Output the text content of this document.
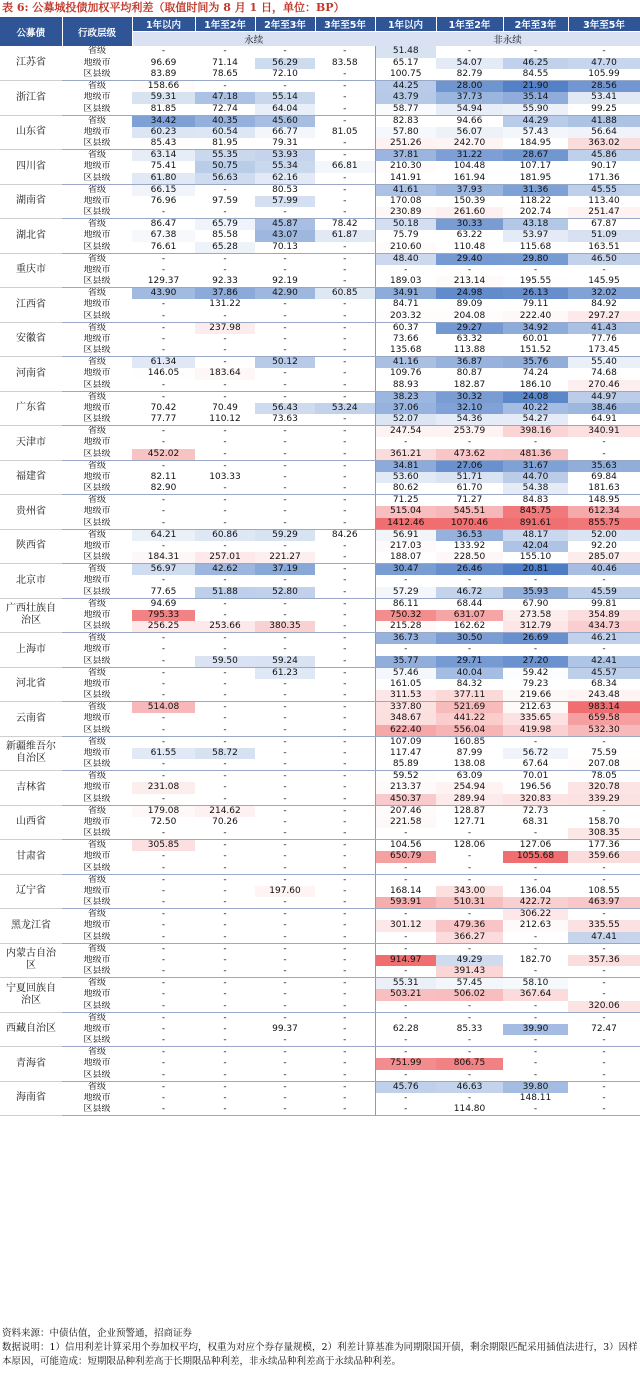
表 6: 公募城投债加权平均利差（取值时间为 8 月 1 日，单位：BP）
公募债	行政层级	1年以内	1年至2年	2年至3年	3年至5年	1年以内	1年至2年	2年至3年	3年至5年
		永续				非永续			
江苏省	省级	-	-	-	-	51.48	-	-	-
	地级市	96.69	71.14	56.29	83.58	65.17	54.07	46.25	47.70
	区县级	83.89	78.65	72.10	-	100.75	82.79	84.55	105.99
浙江省	省级	158.66	-	-	-	44.25	28.00	21.90	28.56
	地级市	59.31	47.18	55.14	-	43.79	37.73	35.14	53.41
	区县级	81.85	72.74	64.04	-	58.77	54.94	55.90	99.25
山东省	省级	34.42	40.35	45.60	-	82.83	94.66	44.29	41.88
	地级市	60.23	60.54	66.77	81.05	57.80	56.07	57.43	56.64
	区县级	85.43	81.95	79.31	-	251.26	242.70	184.95	363.02
四川省	省级	63.14	55.35	53.93	-	37.81	31.22	28.67	45.86
	地级市	75.41	50.75	55.34	66.81	210.30	104.48	107.17	90.17
	区县级	61.80	56.63	62.16	-	141.91	161.94	181.95	171.36
湖南省	省级	66.15	-	80.53	-	41.61	37.93	31.36	45.55
	地级市	76.96	97.59	57.99	-	170.08	150.39	118.22	113.40
	区县级	-	-	-	-	230.89	261.60	202.74	251.47
湖北省	省级	86.47	65.79	45.87	78.42	50.18	30.33	43.18	67.87
	地级市	67.38	85.58	43.07	61.87	75.79	63.22	53.97	51.09
	区县级	76.61	65.28	70.13	-	210.60	110.48	115.68	163.51
重庆市	省级	-	-	-	-	48.40	29.40	29.80	46.50
	地级市	-	-	-	-	-	-	-	-
	区县级	129.37	92.33	92.19	-	189.03	213.14	195.55	145.95
江西省	省级	43.90	37.86	42.90	60.85	34.91	24.98	26.13	32.02
	地级市	-	131.22	-	-	84.71	89.09	79.11	84.92
	区县级	-	-	-	-	203.32	204.08	222.40	297.27
安徽省	省级	-	237.98	-	-	60.37	29.27	34.92	41.43
	地级市	-	-	-	-	73.66	63.32	60.01	77.76
	区县级	-	-	-	-	135.68	113.88	151.52	173.45
河南省	省级	61.34	-	50.12	-	41.16	36.87	35.76	55.40
	地级市	146.05	183.64	-	-	109.76	80.87	74.24	74.68
	区县级	-	-	-	-	88.93	182.87	186.10	270.46
广东省	省级	-	-	-	-	38.23	30.32	24.08	44.97
	地级市	70.42	70.49	56.43	53.24	37.06	32.10	40.22	38.46
	区县级	77.77	110.12	73.63	-	52.07	54.36	54.27	64.91
天津市	省级	-	-	-	-	247.54	253.79	398.16	340.91
	地级市	-	-	-	-	-	-	-	-
	区县级	452.02	-	-	-	361.21	473.62	481.36	-
福建省	省级	-	-	-	-	34.81	27.06	31.67	35.63
	地级市	82.11	103.33	-	-	53.60	51.71	44.70	69.84
	区县级	82.90	-	-	-	80.62	61.70	54.38	181.63
贵州省	省级	-	-	-	-	71.25	71.27	84.83	148.95
	地级市	-	-	-	-	515.04	545.51	845.75	612.34
	区县级	-	-	-	-	1412.46	1070.46	891.61	855.75
陕西省	省级	64.21	60.86	59.29	84.26	56.91	36.53	48.17	52.00
	地级市	-	-	-	-	217.03	133.92	42.04	92.20
	区县级	184.31	257.01	221.27	-	188.07	228.50	155.10	285.07
北京市	省级	56.97	42.62	37.19	-	30.47	26.46	20.81	40.46
	地级市	-	-	-	-	-	-	-	-
	区县级	77.65	51.88	52.80	-	57.29	46.72	35.93	45.59
广西壮族自治区	省级	94.69	-	-	-	86.11	68.44	67.90	99.81
	地级市	795.33	-	-	-	750.32	631.07	273.58	354.89
	区县级	256.25	253.66	380.35	-	215.28	162.62	312.79	434.73
上海市	省级	-	-	-	-	36.73	30.50	26.69	46.21
	地级市	-	-	-	-	-	-	-	-
	区县级	-	59.50	59.24	-	35.77	29.71	27.20	42.41
河北省	省级	-	-	61.23	-	57.46	40.04	59.42	45.57
	地级市	-	-	-	-	161.05	84.32	79.23	68.34
	区县级	-	-	-	-	311.53	377.11	219.66	243.48
云南省	省级	514.08	-	-	-	337.80	521.69	212.63	983.14
	地级市	-	-	-	-	348.67	441.22	335.65	659.58
	区县级	-	-	-	-	622.40	556.04	419.98	532.30
新疆维吾尔自治区	省级	-	-	-	-	107.09	160.85	-	-
	地级市	61.55	58.72	-	-	117.47	87.99	56.72	75.59
	区县级	-	-	-	-	85.89	138.08	67.64	207.08
吉林省	省级	-	-	-	-	59.52	63.09	70.01	78.05
	地级市	231.08	-	-	-	213.37	254.94	196.56	320.78
	区县级	-	-	-	-	450.37	289.94	320.83	339.29
山西省	省级	179.08	214.62	-	-	207.46	128.87	72.73	-
	地级市	72.50	70.26	-	-	221.58	127.71	68.31	158.70
	区县级	-	-	-	-	-	-	-	308.35
甘肃省	省级	305.85	-	-	-	104.56	128.06	127.06	177.36
	地级市	-	-	-	-	650.79	-	1055.68	359.66
	区县级	-	-	-	-	-	-	-	-
辽宁省	省级	-	-	-	-	-	-	-	-
	地级市	-	-	197.60	-	168.14	343.00	136.04	108.55
	区县级	-	-	-	-	593.91	510.31	422.72	463.97
黑龙江省	省级	-	-	-	-	-	-	306.22	-
	地级市	-	-	-	-	301.12	479.36	212.63	335.55
	区县级	-	-	-	-	-	366.27	-	47.41
内蒙古自治区	省级	-	-	-	-	-	-	-	-
	地级市	-	-	-	-	914.97	49.29	182.70	357.36
	区县级	-	-	-	-	-	391.43	-	-
宁夏回族自治区	省级	-	-	-	-	55.31	57.45	58.10	-
	地级市	-	-	-	-	503.21	506.02	367.64	-
	区县级	-	-	-	-	-	-	-	320.06
西藏自治区	省级	-	-	-	-	-	-	-	-
	地级市	-	-	99.37	-	62.28	85.33	39.90	72.47
	区县级	-	-	-	-	-	-	-	-
青海省	省级	-	-	-	-	-	-	-	-
	地级市	-	-	-	-	751.99	806.75	-	-
	区县级	-	-	-	-	-	-	-	-
海南省	省级	-	-	-	-	45.76	46.63	39.80	-
	地级市	-	-	-	-	-	-	148.11	-
	区县级	-	-	-	-	-	114.80	-	-
资料来源：中债估值，企业预警通，招商证券
数据说明：1）信用利差计算采用个券加权平均，权重为对应个券存量规模，2）利差计算基准为同期限国开债，剩余期限匹配采用插值法进行，3）因样本原因，可能造成：短期限品种利差高于长期限品种利差，非永续品种利差高于永续品种利差。
